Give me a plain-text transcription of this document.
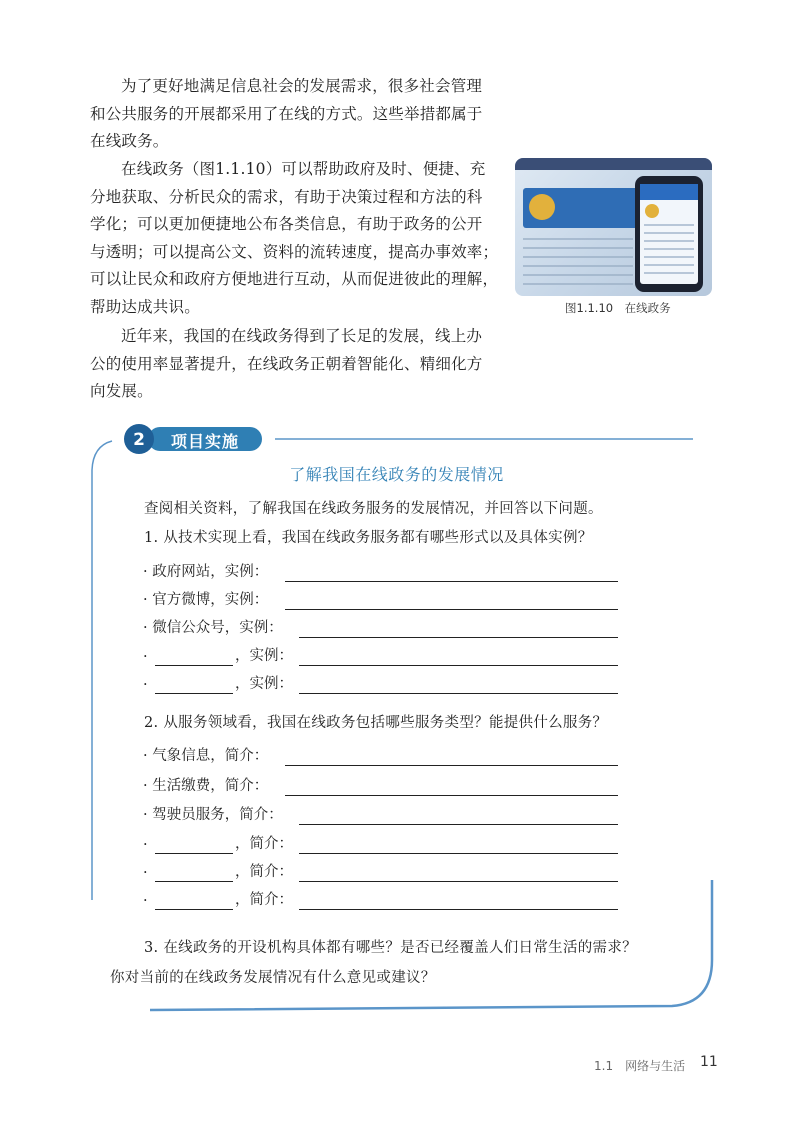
为了更好地满足信息社会的发展需求，很多社会管理
和公共服务的开展都采用了在线的方式。这些举措都属于
在线政务。

在线政务（图1.1.10）可以帮助政府及时、便捷、充
分地获取、分析民众的需求，有助于决策过程和方法的科
学化；可以更加便捷地公布各类信息，有助于政务的公开
与透明；可以提高公文、资料的流转速度，提高办事效率；
可以让民众和政府方便地进行互动，从而促进彼此的理解，
帮助达成共识。

近年来，我国的在线政务得到了长足的发展，线上办
公的使用率显著提升，在线政务正朝着智能化、精细化方
向发展。

图1.1.10　在线政务
2 项目实施
了解我国在线政务的发展情况

查阅相关资料，了解我国在线政务服务的发展情况，并回答以下问题。

1. 从技术实现上看，我国在线政务服务都有哪些形式以及具体实例？

· 政府网站，实例：
· 官方微博，实例：
· 微信公众号，实例：
·	，实例：
·	，实例：

2. 从服务领域看，我国在线政务包括哪些服务类型？能提供什么服务？

· 气象信息，简介：
· 生活缴费，简介：
· 驾驶员服务，简介：
·	，简介：
·	，简介：
·	，简介：

3. 在线政务的开设机构具体都有哪些？是否已经覆盖人们日常生活的需求？

你对当前的在线政务发展情况有什么意见或建议？

1.1　网络与生活 11
